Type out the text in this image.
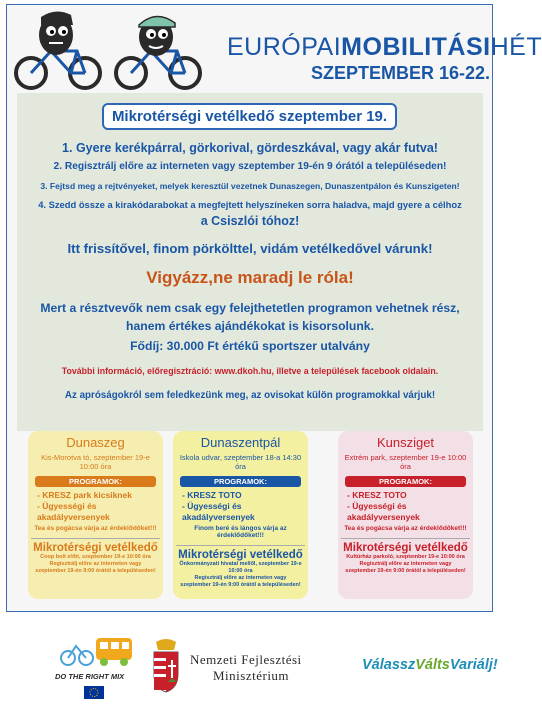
EURÓPAIMOBILITÁSIHÉT
SZEPTEMBER 16-22.
Mikrotérségi vetélkedő szeptember 19.
1. Gyere kerékpárral, görkorival, gördeszkával, vagy akár futva!
2. Regisztrálj előre az interneten vagy szeptember 19-én 9 órától a településeden!
3. Fejtsd meg a rejtvényeket, melyek keresztül vezetnek Dunaszegen, Dunaszentpálon és Kunszigeten!
4. Szedd össze a kirakódarabokat a megfejtett helyszíneken sorra haladva, majd gyere a célhoz
a Csiszlói tóhoz!
Itt frissítővel, finom pörkölttel, vidám vetélkedővel várunk!
Vigyázz,ne maradj le róla!
Mert a résztvevők nem csak egy felejthetetlen programon vehetnek rész,
hanem értékes ajándékokat is kisorsolunk.
Fődíj: 30.000 Ft értékű sportszer utalvány
További információ, előregisztráció: www.dkoh.hu, illetve a települések facebook oldalain.
Az apróságokról sem feledkezünk meg, az ovisokat külön programokkal várjuk!
Dunaszeg
Kis-Morotva tó, szeptember 19-e 10:00 óra
PROGRAMOK:
- KRESZ park kicsiknek
- Ügyességi és akadályversenyek
Tea és pogácsa várja az érdeklődőket!!!
Mikrotérségi vetélkedő
Coop bolt előtt, szeptember 19-e 10:00 óra
Regisztrálj előre az interneten vagy
szeptember 19-én 9:00 órától a településeden!
Dunaszentpál
Iskola udvar, szeptember 18-a 14:30 óra
PROGRAMOK:
- KRESZ TOTO
- Ügyességi és akadályversenyek
Finom beré és lángos várja az érdeklődőket!!!
Mikrotérségi vetélkedő
Önkormányzati hivatal mellől, szeptember 19-e 10:00 óra
Regisztrálj előre az interneten vagy
szeptember 19-én 9:00 órától a településeden!
Kunsziget
Extrém park, szeptember 19-e 10:00 óra
PROGRAMOK:
- KRESZ TOTO
- Ügyességi és akadályversenyek
Tea és pogácsa várja az érdeklődőket!!!
Mikrotérségi vetélkedő
Kultúrház parkoló, szeptember 19-e 10:00 óra
Regisztrálj előre az interneten vagy
szeptember 19-én 9:00 órától a településeden!
DO THE RIGHT MIX
Nemzeti Fejlesztési
Minisztérium
VálasszVáltsVariálj!
